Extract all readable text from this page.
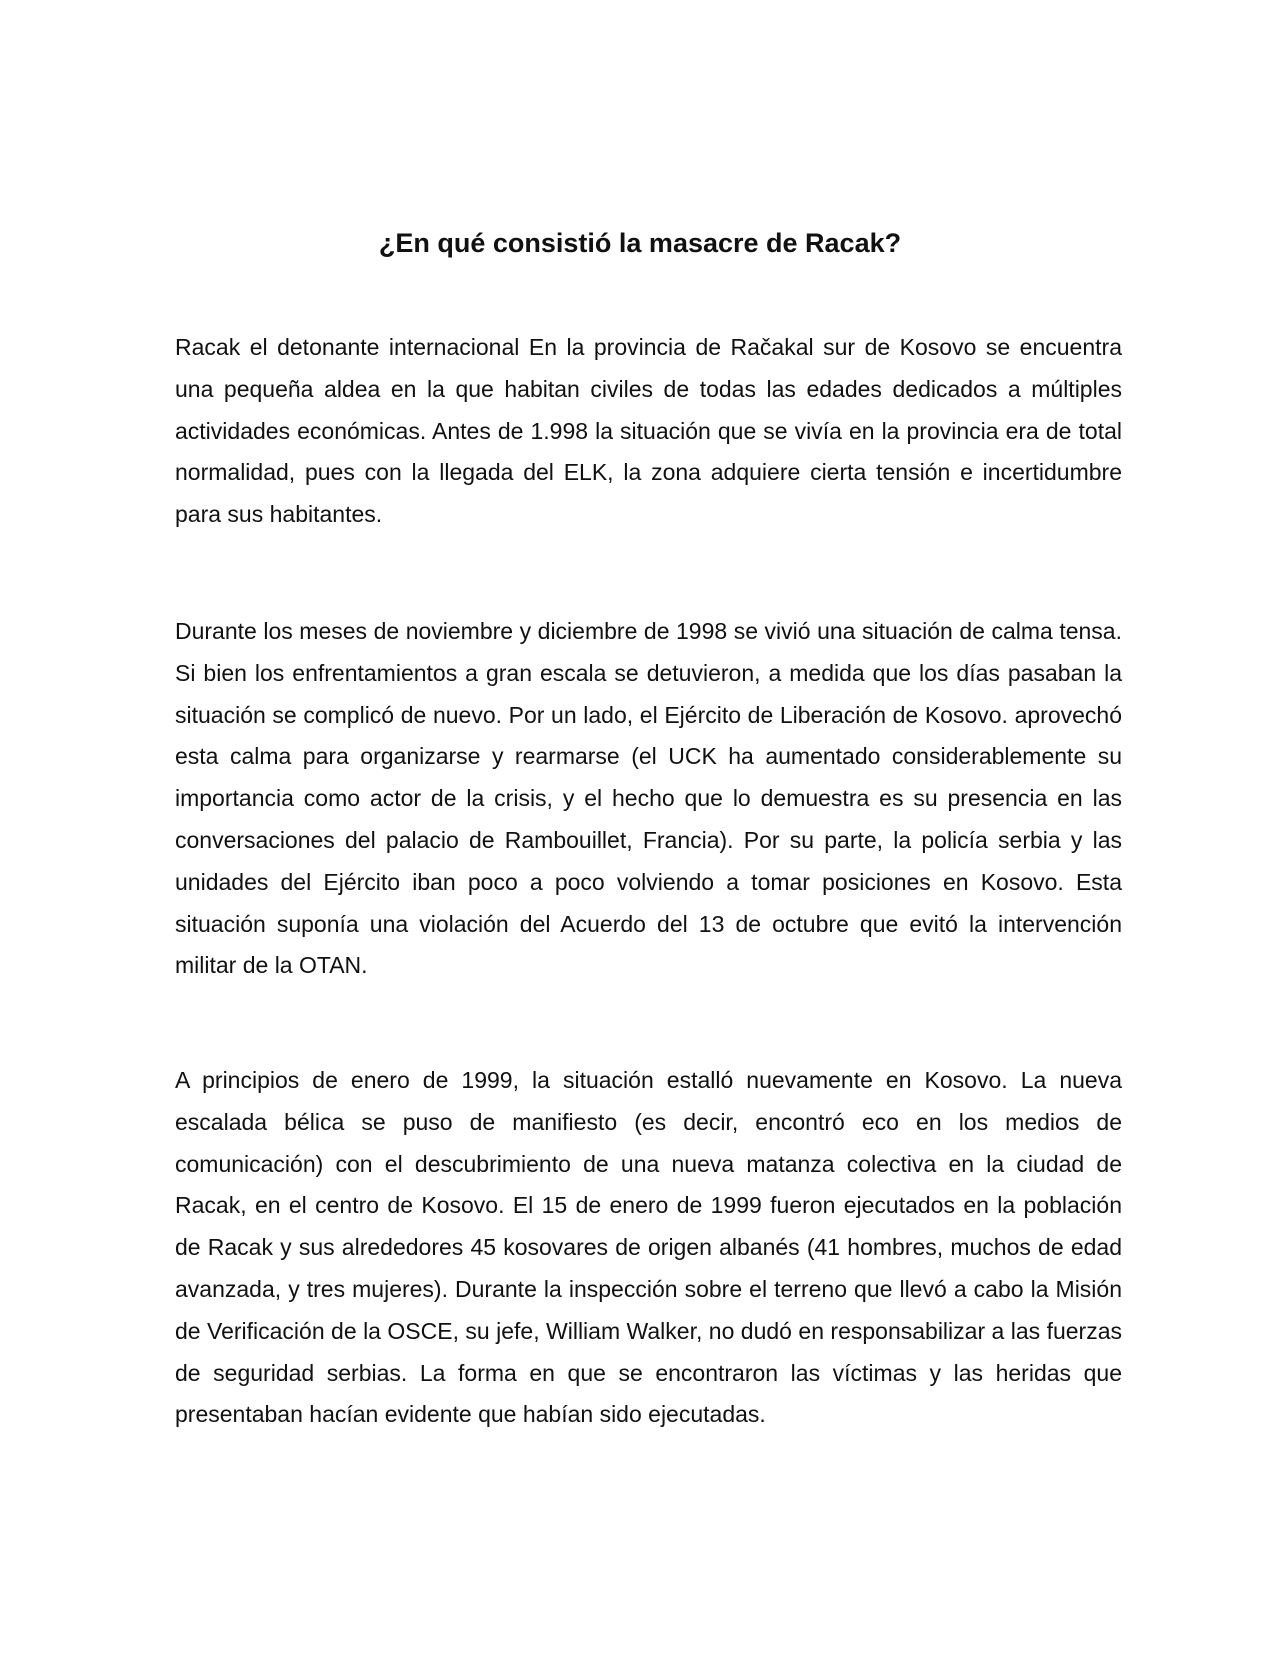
¿En qué consistió la masacre de Racak?

Racak el detonante internacional En la provincia de Račakal sur de Kosovo se encuentra una pequeña aldea en la que habitan civiles de todas las edades dedicados a múltiples actividades económicas. Antes de 1.998 la situación que se vivía en la provincia era de total normalidad, pues con la llegada del ELK, la zona adquiere cierta tensión e incertidumbre para sus habitantes.

Durante los meses de noviembre y diciembre de 1998 se vivió una situación de calma tensa. Si bien los enfrentamientos a gran escala se detuvieron, a medida que los días pasaban la situación se complicó de nuevo. Por un lado, el Ejército de Liberación de Kosovo. aprovechó esta calma para organizarse y rearmarse (el UCK ha aumentado considerablemente su importancia como actor de la crisis, y el hecho que lo demuestra es su presencia en las conversaciones del palacio de Rambouillet, Francia). Por su parte, la policía serbia y las unidades del Ejército iban poco a poco volviendo a tomar posiciones en Kosovo. Esta situación suponía una violación del Acuerdo del 13 de octubre que evitó la intervención militar de la OTAN.

A principios de enero de 1999, la situación estalló nuevamente en Kosovo. La nueva escalada bélica se puso de manifiesto (es decir, encontró eco en los medios de comunicación) con el descubrimiento de una nueva matanza colectiva en la ciudad de Racak, en el centro de Kosovo. El 15 de enero de 1999 fueron ejecutados en la población de Racak y sus alrededores 45 kosovares de origen albanés (41 hombres, muchos de edad avanzada, y tres mujeres). Durante la inspección sobre el terreno que llevó a cabo la Misión de Verificación de la OSCE, su jefe, William Walker, no dudó en responsabilizar a las fuerzas de seguridad serbias. La forma en que se encontraron las víctimas y las heridas que presentaban hacían evidente que habían sido ejecutadas.
